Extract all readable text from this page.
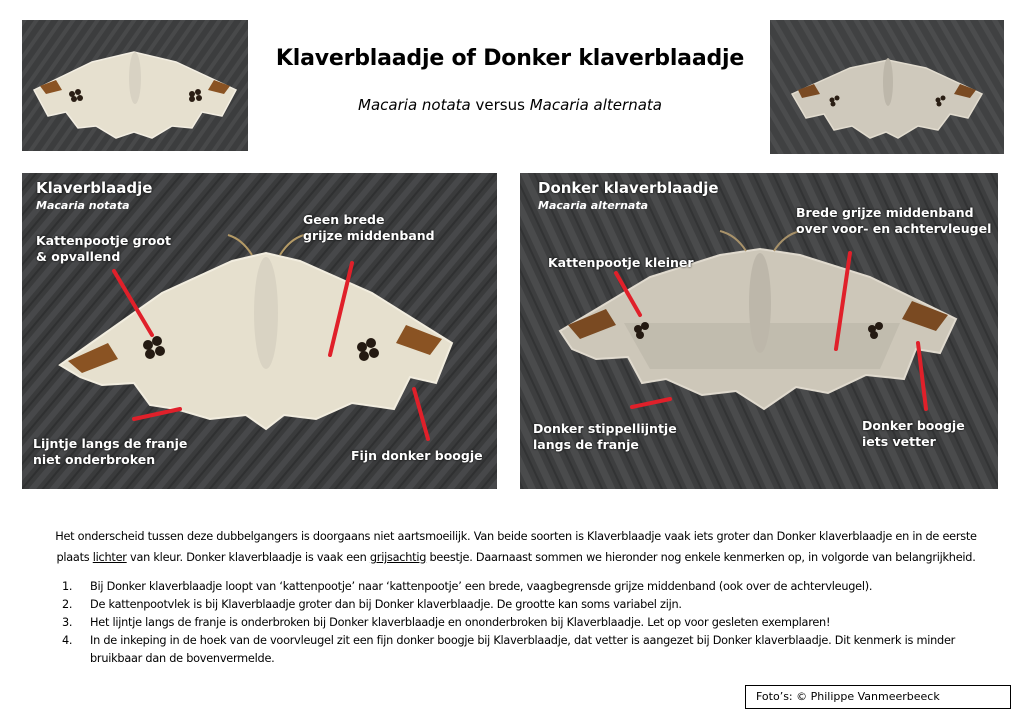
Klaverblaadje of Donker klaverblaadje
Macaria notata versus Macaria alternata
Klaverblaadje
Macaria notata
Kattenpootje groot
& opvallend
Geen brede
grijze middenband
Lijntje langs de franje
niet onderbroken	Fijn donker boogje
Donker klaverblaadje
Macaria alternata
Kattenpootje kleiner
Brede grijze middenband
over voor- en achtervleugel
Donker stippellijntje
langs de franje
Donker boogje
iets vetter
Het onderscheid tussen deze dubbelgangers is doorgaans niet aartsmoeilijk. Van beide soorten is Klaverblaadje vaak iets groter dan Donker klaverblaadje en in de eerste
plaats lichter van kleur. Donker klaverblaadje is vaak een grijsachtig beestje. Daarnaast sommen we hieronder nog enkele kenmerken op, in volgorde van belangrijkheid.
1. Bij Donker klaverblaadje loopt van ‘kattenpootje’ naar ‘kattenpootje’ een brede, vaagbegrensde grijze middenband (ook over de achtervleugel).
2. De kattenpootvlek is bij Klaverblaadje groter dan bij Donker klaverblaadje. De grootte kan soms variabel zijn.
3. Het lijntje langs de franje is onderbroken bij Donker klaverblaadje en ononderbroken bij Klaverblaadje. Let op voor gesleten exemplaren!
4. In de inkeping in de hoek van de voorvleugel zit een fijn donker boogje bij Klaverblaadje, dat vetter is aangezet bij Donker klaverblaadje. Dit kenmerk is minder
bruikbaar dan de bovenvermelde.
Foto’s: © Philippe Vanmeerbeeck
